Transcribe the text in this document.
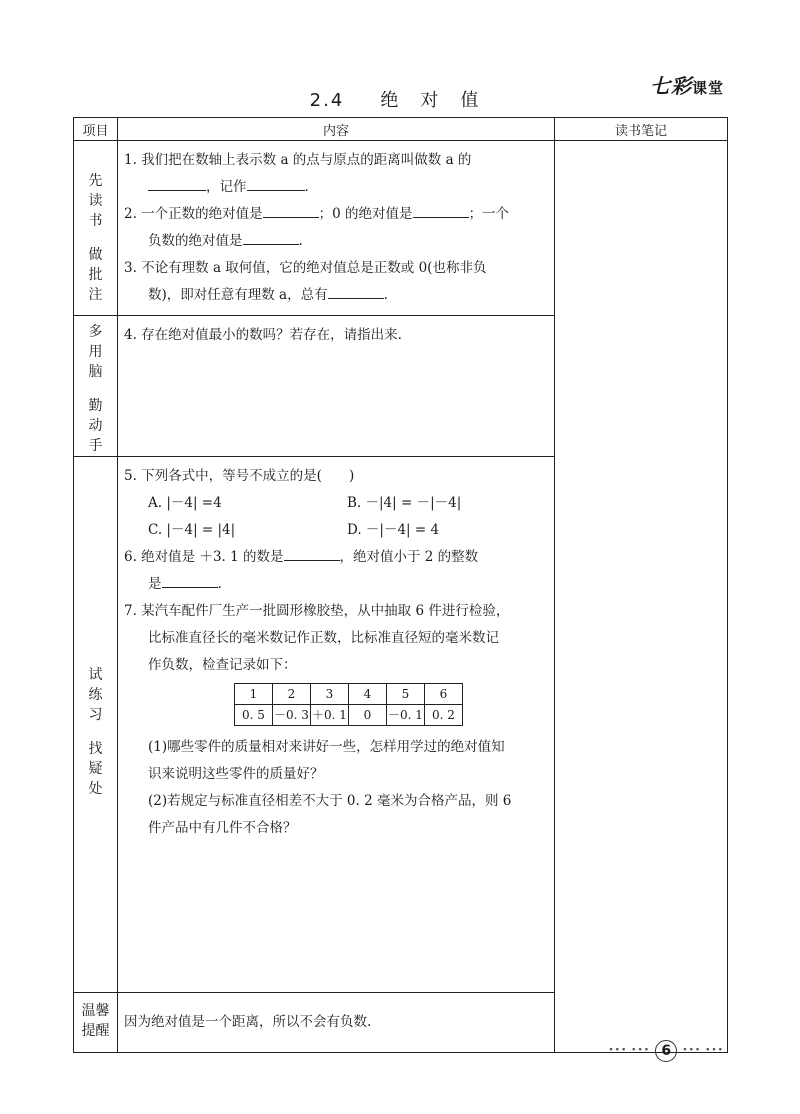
2.4 绝 对 值
七彩课堂
项目	内容	读书笔记

先
读
书
做
批
注

1. 我们把在数轴上表示数 a 的点与原点的距离叫做数 a 的

，记作	.

2. 一个正数的绝对值是	；0 的绝对值是	；一个

负数的绝对值是	.

3. 不论有理数 a 取何值，它的绝对值总是正数或 0(也称非负

数)，即对任意有理数 a，总有	.

多
用
脑
勤
动
手

4. 存在绝对值最小的数吗？若存在，请指出来.

试
练
习
找
疑
处

5. 下列各式中，等号不成立的是(　　)

A. |－4| =4	B. －|4| = －|－4|
C. |－4| = |4|	D. －|－4| = 4

6. 绝对值是 ＋3. 1 的数是	，绝对值小于 2 的整数

是	.

7. 某汽车配件厂生产一批圆形橡胶垫，从中抽取 6 件进行检验，

比标准直径长的毫米数记作正数，比标准直径短的毫米数记

作负数，检查记录如下：

1	2	3	4	5	6
0. 5	－0. 3	＋0. 1	0	－0. 1	0. 2

(1)哪些零件的质量相对来讲好一些，怎样用学过的绝对值知

识来说明这些零件的质量好？

(2)若规定与标准直径相差不大于 0. 2 毫米为合格产品，则 6

件产品中有几件不合格？

温馨
提醒

因为绝对值是一个距离，所以不会有负数.

••• ••• 6 ••• •••
